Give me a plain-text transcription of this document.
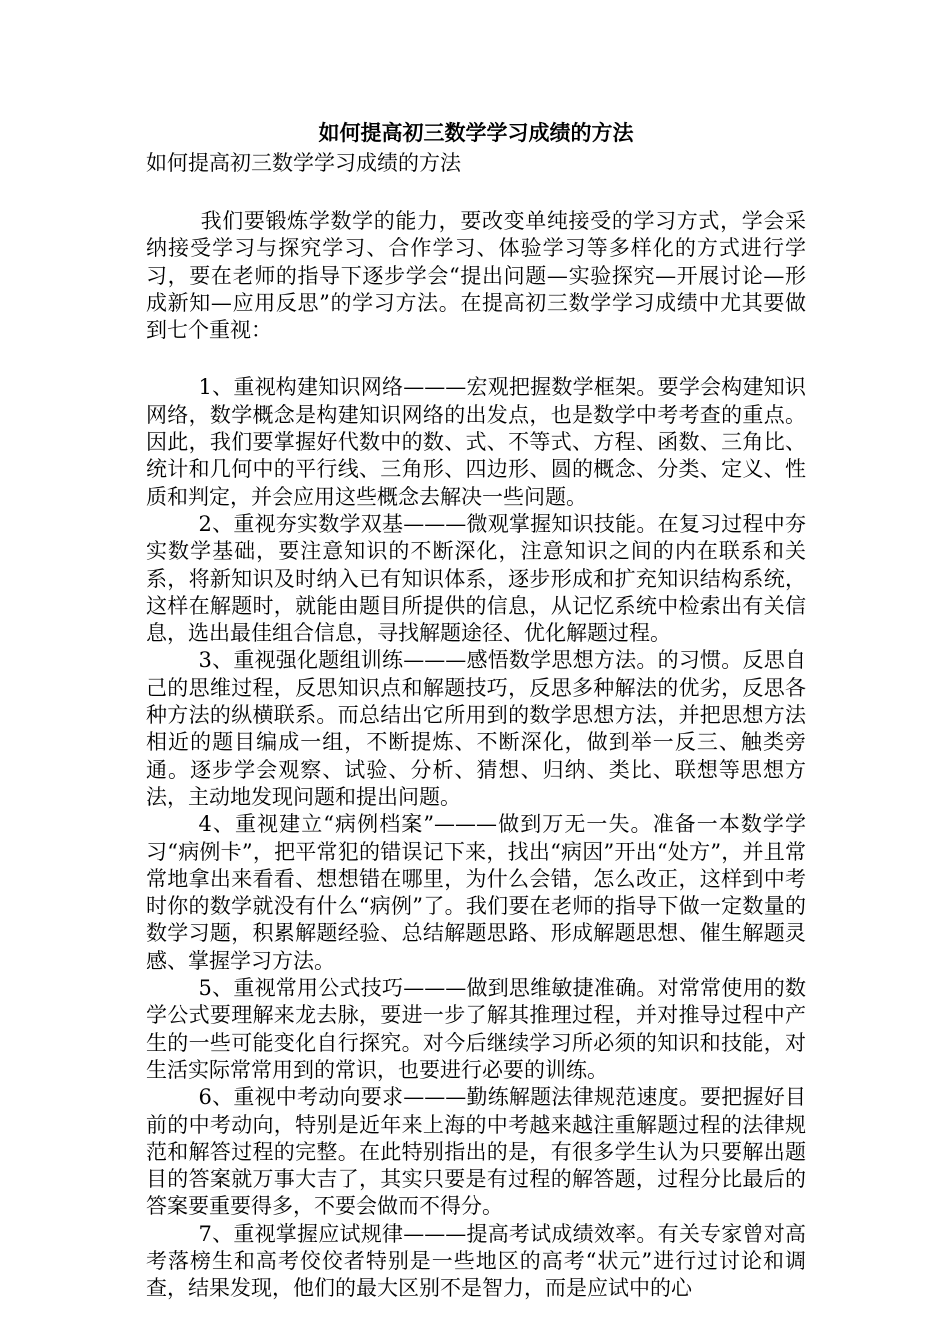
如何提高初三数学学习成绩的方法

如何提高初三数学学习成绩的方法

我们要锻炼学数学的能力，要改变单纯接受的学习方式，学会采纳接受学习与探究学习、合作学习、体验学习等多样化的方式进行学习，要在老师的指导下逐步学会“提出问题—实验探究—开展讨论—形成新知—应用反思”的学习方法。在提高初三数学学习成绩中尤其要做到七个重视：

1、重视构建知识网络———宏观把握数学框架。要学会构建知识网络，数学概念是构建知识网络的出发点，也是数学中考考查的重点。因此，我们要掌握好代数中的数、式、不等式、方程、函数、三角比、统计和几何中的平行线、三角形、四边形、圆的概念、分类、定义、性质和判定，并会应用这些概念去解决一些问题。

2、重视夯实数学双基———微观掌握知识技能。在复习过程中夯实数学基础，要注意知识的不断深化，注意知识之间的内在联系和关系，将新知识及时纳入已有知识体系，逐步形成和扩充知识结构系统，这样在解题时，就能由题目所提供的信息，从记忆系统中检索出有关信息，选出最佳组合信息，寻找解题途径、优化解题过程。

3、重视强化题组训练———感悟数学思想方法。的习惯。反思自己的思维过程，反思知识点和解题技巧，反思多种解法的优劣，反思各种方法的纵横联系。而总结出它所用到的数学思想方法，并把思想方法相近的题目编成一组，不断提炼、不断深化，做到举一反三、触类旁通。逐步学会观察、试验、分析、猜想、归纳、类比、联想等思想方法，主动地发现问题和提出问题。

4、重视建立“病例档案”———做到万无一失。准备一本数学学习“病例卡”，把平常犯的错误记下来，找出“病因”开出“处方”，并且常常地拿出来看看、想想错在哪里，为什么会错，怎么改正，这样到中考时你的数学就没有什么“病例”了。我们要在老师的指导下做一定数量的数学习题，积累解题经验、总结解题思路、形成解题思想、催生解题灵感、掌握学习方法。

5、重视常用公式技巧———做到思维敏捷准确。对常常使用的数学公式要理解来龙去脉，要进一步了解其推理过程，并对推导过程中产生的一些可能变化自行探究。对今后继续学习所必须的知识和技能，对生活实际常常用到的常识，也要进行必要的训练。

6、重视中考动向要求———勤练解题法律规范速度。要把握好目前的中考动向，特别是近年来上海的中考越来越注重解题过程的法律规范和解答过程的完整。在此特别指出的是，有很多学生认为只要解出题目的答案就万事大吉了，其实只要是有过程的解答题，过程分比最后的答案要重要得多，不要会做而不得分。

7、重视掌握应试规律———提高考试成绩效率。有关专家曾对高考落榜生和高考佼佼者特别是一些地区的高考“状元”进行过讨论和调查，结果发现，他们的最大区别不是智力，而是应试中的心
